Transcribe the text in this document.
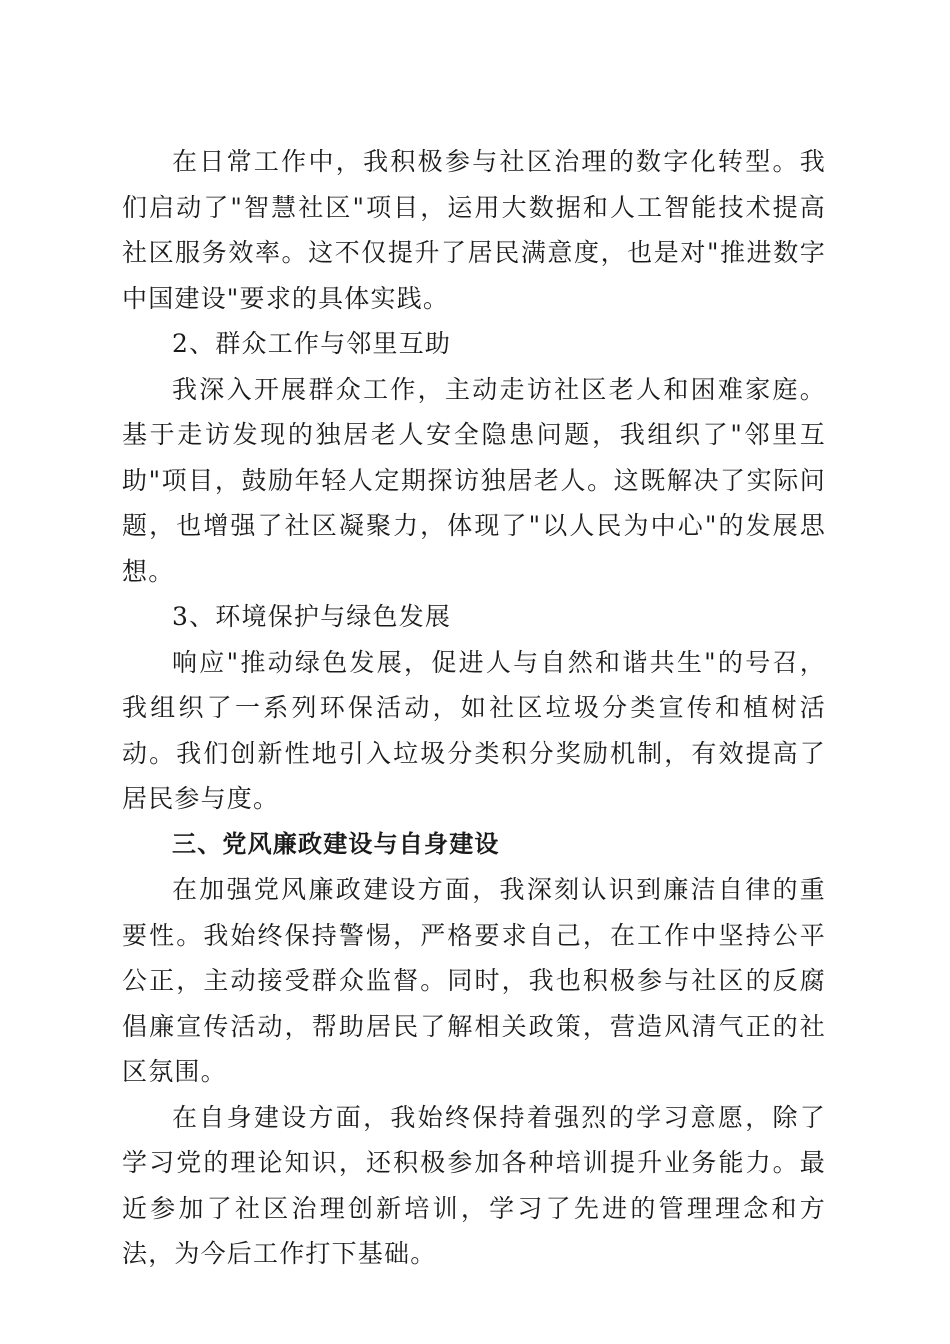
在日常工作中，我积极参与社区治理的数字化转型。我们启动了"智慧社区"项目，运用大数据和人工智能技术提高社区服务效率。这不仅提升了居民满意度，也是对"推进数字中国建设"要求的具体实践。

2、群众工作与邻里互助

我深入开展群众工作，主动走访社区老人和困难家庭。基于走访发现的独居老人安全隐患问题，我组织了"邻里互助"项目，鼓励年轻人定期探访独居老人。这既解决了实际问题，也增强了社区凝聚力，体现了"以人民为中心"的发展思想。

3、环境保护与绿色发展

响应"推动绿色发展，促进人与自然和谐共生"的号召，我组织了一系列环保活动，如社区垃圾分类宣传和植树活动。我们创新性地引入垃圾分类积分奖励机制，有效提高了居民参与度。

三、党风廉政建设与自身建设

在加强党风廉政建设方面，我深刻认识到廉洁自律的重要性。我始终保持警惕，严格要求自己，在工作中坚持公平公正，主动接受群众监督。同时，我也积极参与社区的反腐倡廉宣传活动，帮助居民了解相关政策，营造风清气正的社区氛围。

在自身建设方面，我始终保持着强烈的学习意愿，除了学习党的理论知识，还积极参加各种培训提升业务能力。最近参加了社区治理创新培训，学习了先进的管理理念和方法，为今后工作打下基础。
